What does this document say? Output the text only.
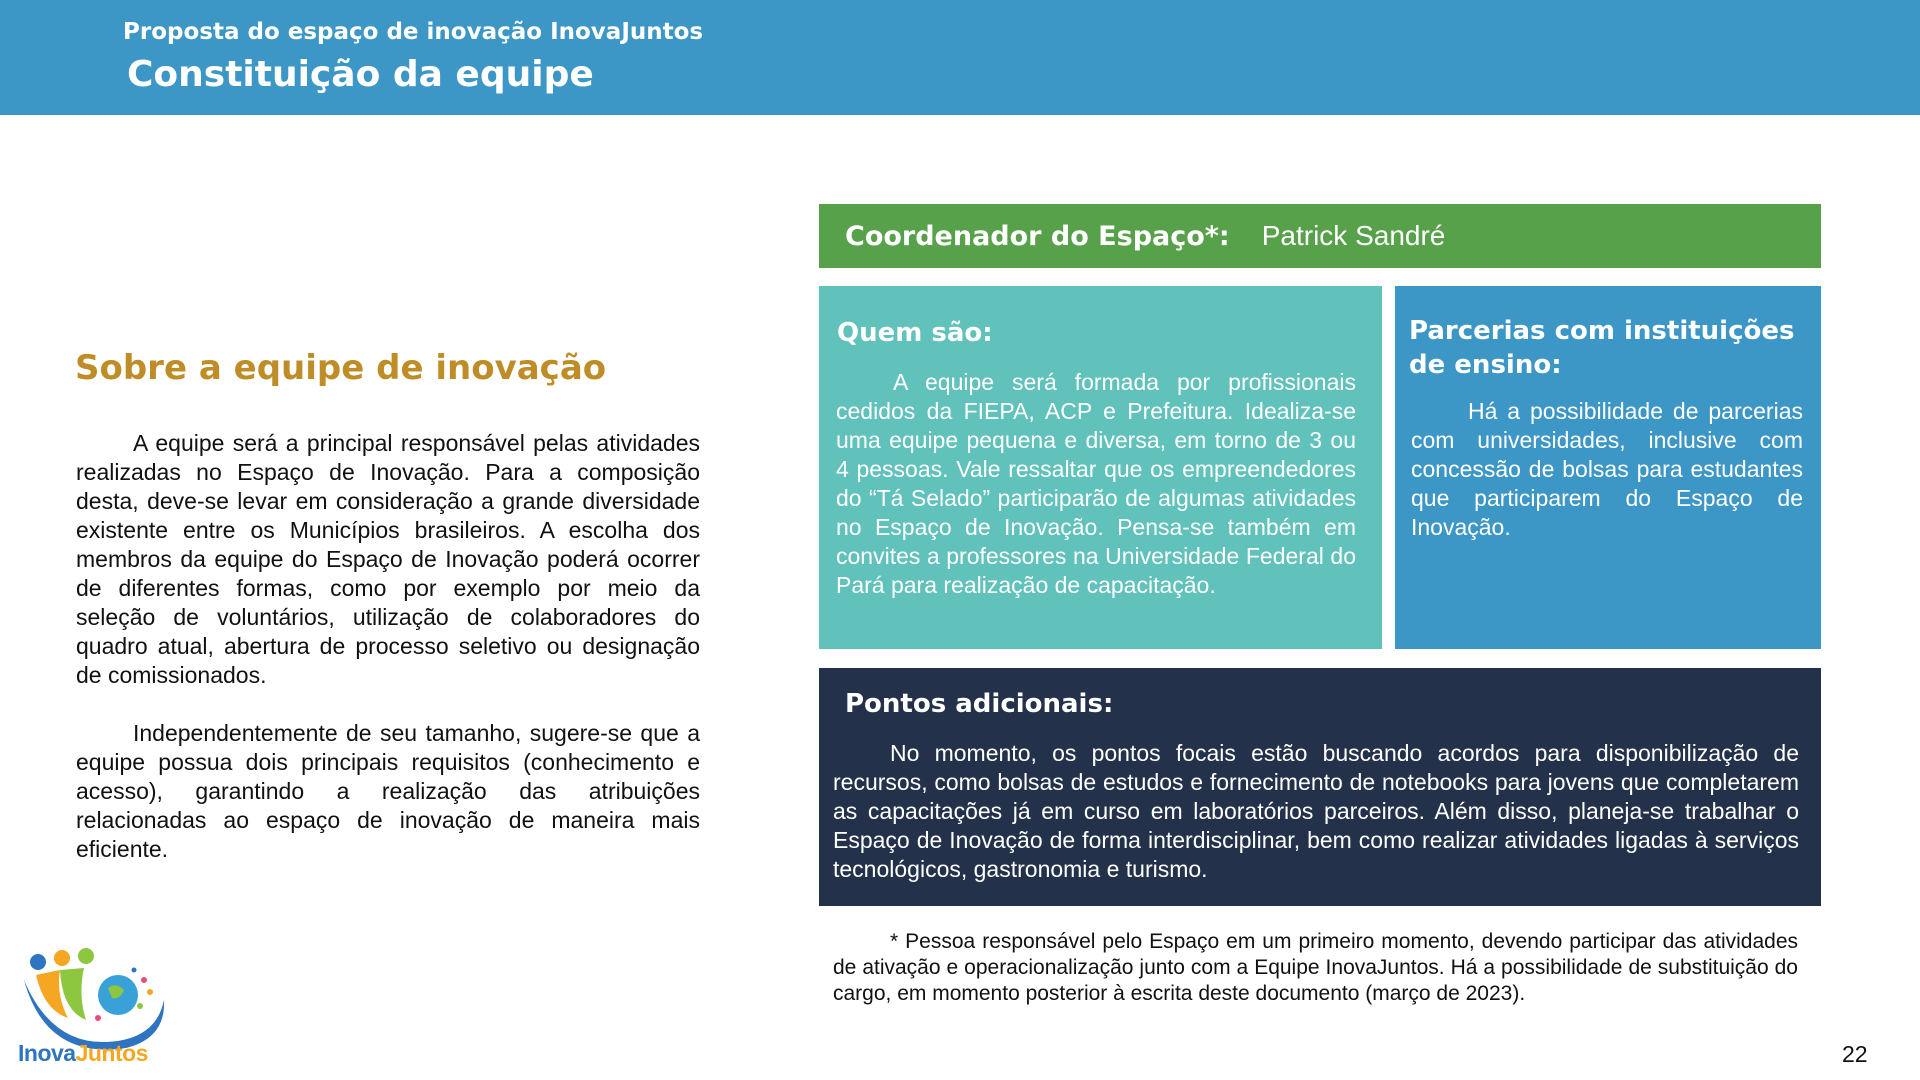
Proposta do espaço de inovação InovaJuntos
Constituição da equipe
Sobre a equipe de inovação

A equipe será a principal responsável pelas atividades realizadas no Espaço de Inovação. Para a composição desta, deve-se levar em consideração a grande diversidade existente entre os Municípios brasileiros. A escolha dos membros da equipe do Espaço de Inovação poderá ocorrer de diferentes formas, como por exemplo por meio da seleção de voluntários, utilização de colaboradores do quadro atual, abertura de processo seletivo ou designação de comissionados.

Independentemente de seu tamanho, sugere-se que a equipe possua dois principais requisitos (conhecimento e acesso), garantindo a realização das atribuições relacionadas ao espaço de inovação de maneira mais eficiente.

Coordenador do Espaço*: Patrick Sandré
Quem são:

A equipe será formada por profissionais cedidos da FIEPA, ACP e Prefeitura. Idealiza-se uma equipe pequena e diversa, em torno de 3 ou 4 pessoas. Vale ressaltar que os empreendedores do “Tá Selado” participarão de algumas atividades no Espaço de Inovação. Pensa-se também em convites a professores na Universidade Federal do Pará para realização de capacitação.

Parcerias com instituições de ensino:

Há a possibilidade de parcerias com universidades, inclusive com concessão de bolsas para estudantes que participarem do Espaço de Inovação.

Pontos adicionais:

No momento, os pontos focais estão buscando acordos para disponibilização de recursos, como bolsas de estudos e fornecimento de notebooks para jovens que completarem as capacitações já em curso em laboratórios parceiros. Além disso, planeja-se trabalhar o Espaço de Inovação de forma interdisciplinar, bem como realizar atividades ligadas à serviços tecnológicos, gastronomia e turismo.

* Pessoa responsável pelo Espaço em um primeiro momento, devendo participar das atividades de ativação e operacionalização junto com a Equipe InovaJuntos. Há a possibilidade de substituição do cargo, em momento posterior à escrita deste documento (março de 2023).

22
InovaJuntos
